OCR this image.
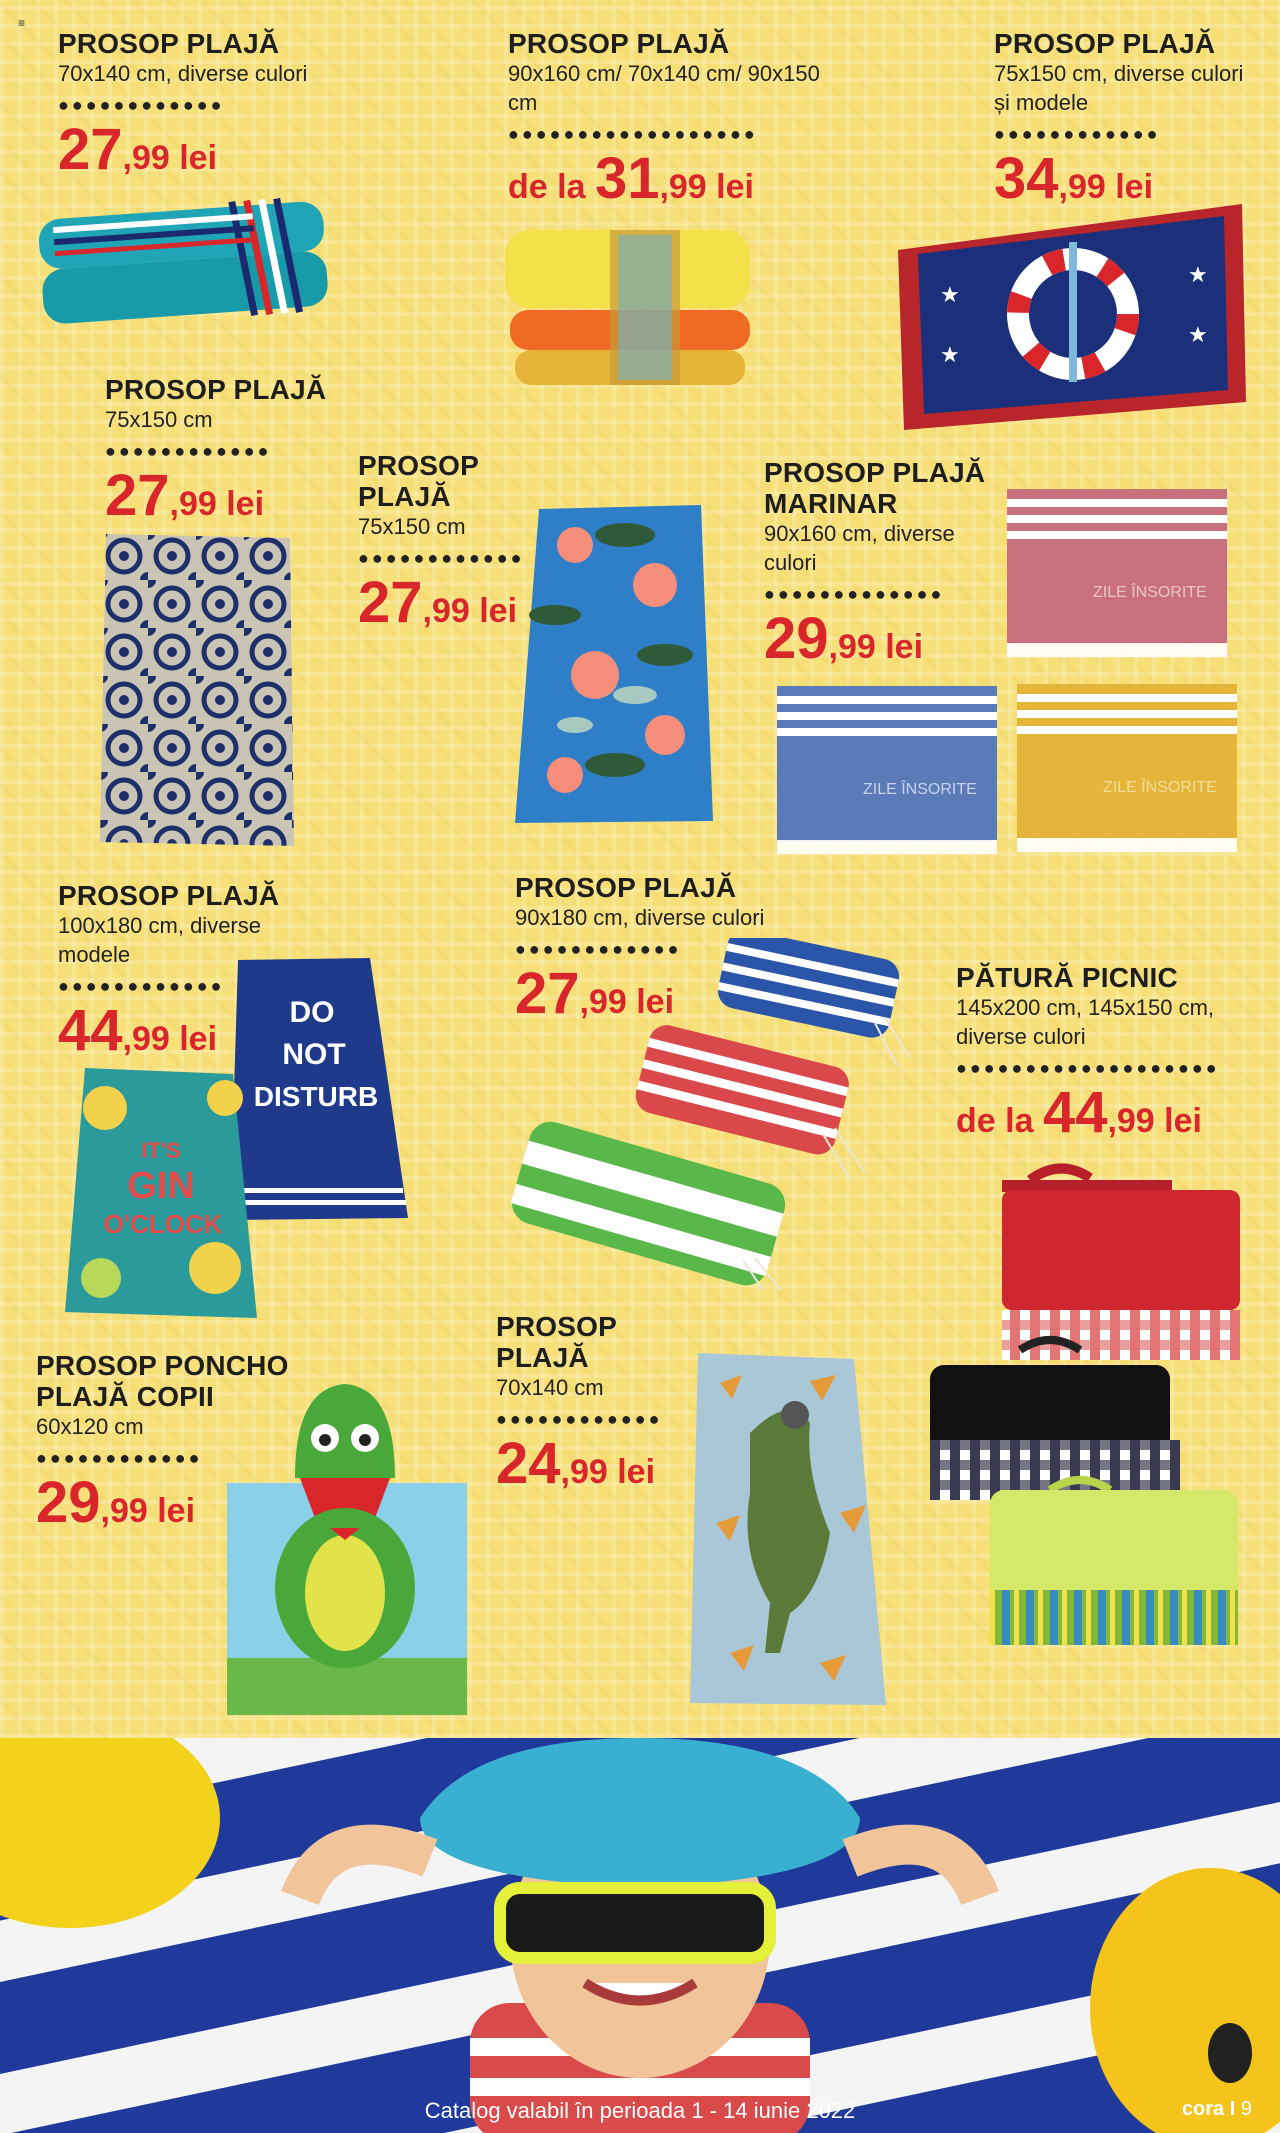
≡
PROSOP PLAJĂ
70x140 cm, diverse culori
●●●●●●●●●●●●
27,99 lei
PROSOP PLAJĂ
90x160 cm/ 70x140 cm/ 90x150 cm
●●●●●●●●●●●●●●●●●●
de la 31,99 lei
PROSOP PLAJĂ
75x150 cm, diverse culori și modele
●●●●●●●●●●●●
34,99 lei
★
★
★
★
PROSOP PLAJĂ
75x150 cm
●●●●●●●●●●●●
27,99 lei
PROSOP PLAJĂ
75x150 cm
●●●●●●●●●●●●
27,99 lei
PROSOP PLAJĂ MARINAR
90x160 cm, diverse culori
●●●●●●●●●●●●●
29,99 lei
ZILE ÎNSORITE
ZILE ÎNSORITE	ZILE ÎNSORITE
PROSOP PLAJĂ
100x180 cm, diverse modele
●●●●●●●●●●●●
44,99 lei
DO
NOT
DISTURB
IT'S
GIN
O'CLOCK
PROSOP PLAJĂ
90x180 cm, diverse culori
●●●●●●●●●●●●
27,99 lei
PĂTURĂ PICNIC
145x200 cm, 145x150 cm, diverse culori
●●●●●●●●●●●●●●●●●●●
de la 44,99 lei
PROSOP PLAJĂ
70x140 cm
●●●●●●●●●●●●
24,99 lei
PROSOP PONCHO PLAJĂ COPII
60x120 cm
●●●●●●●●●●●●
29,99 lei
Catalog valabil în perioada 1 - 14 iunie 2022	cora I 9
